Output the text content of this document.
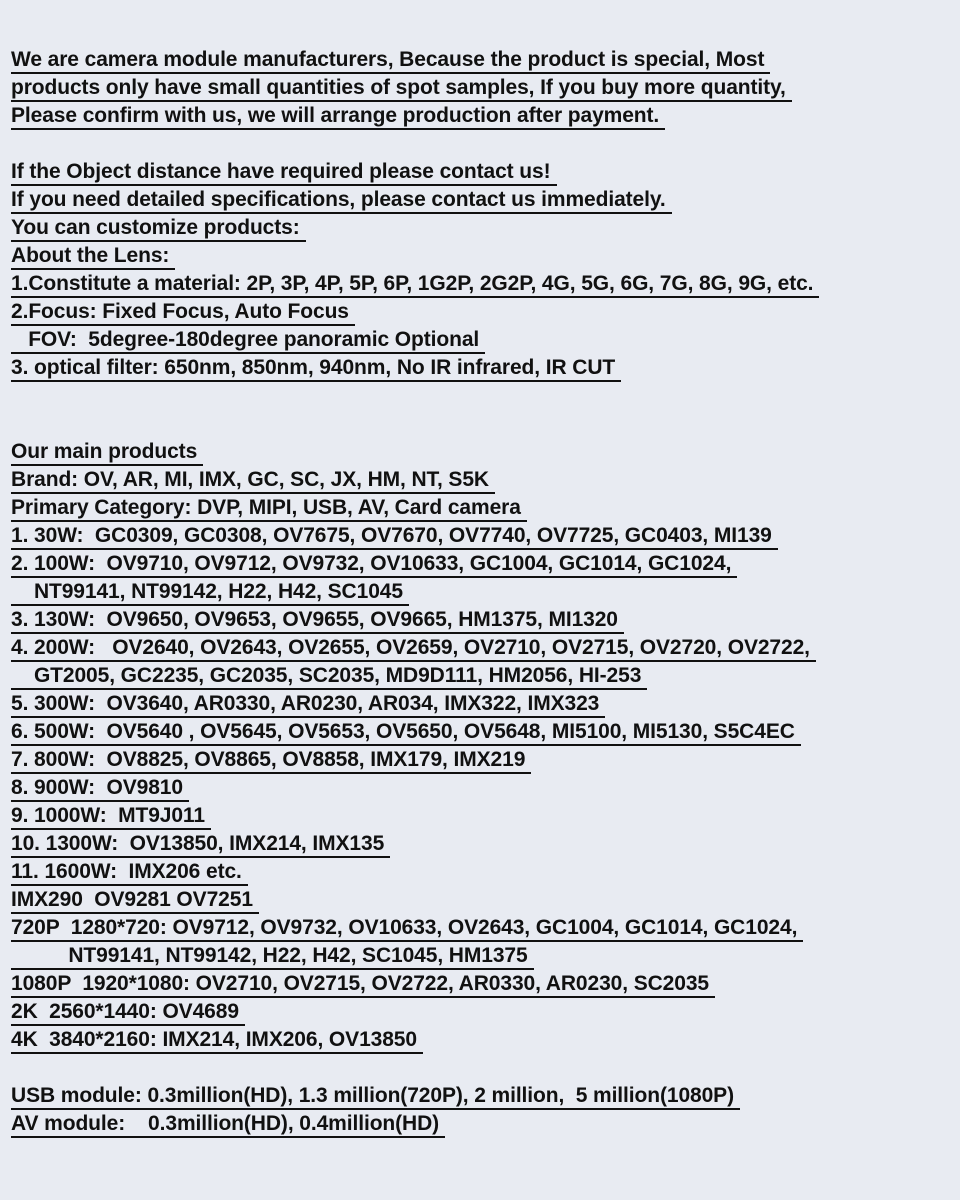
We are camera module manufacturers, Because the product is special, Most
products only have small quantities of spot samples, If you buy more quantity,
Please confirm with us, we will arrange production after payment.
If the Object distance have required please contact us!
If you need detailed specifications, please contact us immediately.
You can customize products:
About the Lens:
1.Constitute a material: 2P, 3P, 4P, 5P, 6P, 1G2P, 2G2P, 4G, 5G, 6G, 7G, 8G, 9G, etc.
2.Focus: Fixed Focus, Auto Focus
FOV:  5degree-180degree panoramic Optional
3. optical filter: 650nm, 850nm, 940nm, No IR infrared, IR CUT
Our main products
Brand: OV, AR, MI, IMX, GC, SC, JX, HM, NT, S5K
Primary Category: DVP, MIPI, USB, AV, Card camera
1. 30W:  GC0309, GC0308, OV7675, OV7670, OV7740, OV7725, GC0403, MI139
2. 100W:  OV9710, OV9712, OV9732, OV10633, GC1004, GC1014, GC1024,
NT99141, NT99142, H22, H42, SC1045
3. 130W:  OV9650, OV9653, OV9655, OV9665, HM1375, MI1320
4. 200W:   OV2640, OV2643, OV2655, OV2659, OV2710, OV2715, OV2720, OV2722,
GT2005, GC2235, GC2035, SC2035, MD9D111, HM2056, HI-253
5. 300W:  OV3640, AR0330, AR0230, AR034, IMX322, IMX323
6. 500W:  OV5640 , OV5645, OV5653, OV5650, OV5648, MI5100, MI5130, S5C4EC
7. 800W:  OV8825, OV8865, OV8858, IMX179, IMX219
8. 900W:  OV9810
9. 1000W:  MT9J011
10. 1300W:  OV13850, IMX214, IMX135
11. 1600W:  IMX206 etc.
IMX290  OV9281 OV7251
720P  1280*720: OV9712, OV9732, OV10633, OV2643, GC1004, GC1014, GC1024,
NT99141, NT99142, H22, H42, SC1045, HM1375
1080P  1920*1080: OV2710, OV2715, OV2722, AR0330, AR0230, SC2035
2K  2560*1440: OV4689
4K  3840*2160: IMX214, IMX206, OV13850
USB module: 0.3million(HD), 1.3 million(720P), 2 million,  5 million(1080P)
AV module:    0.3million(HD), 0.4million(HD)
